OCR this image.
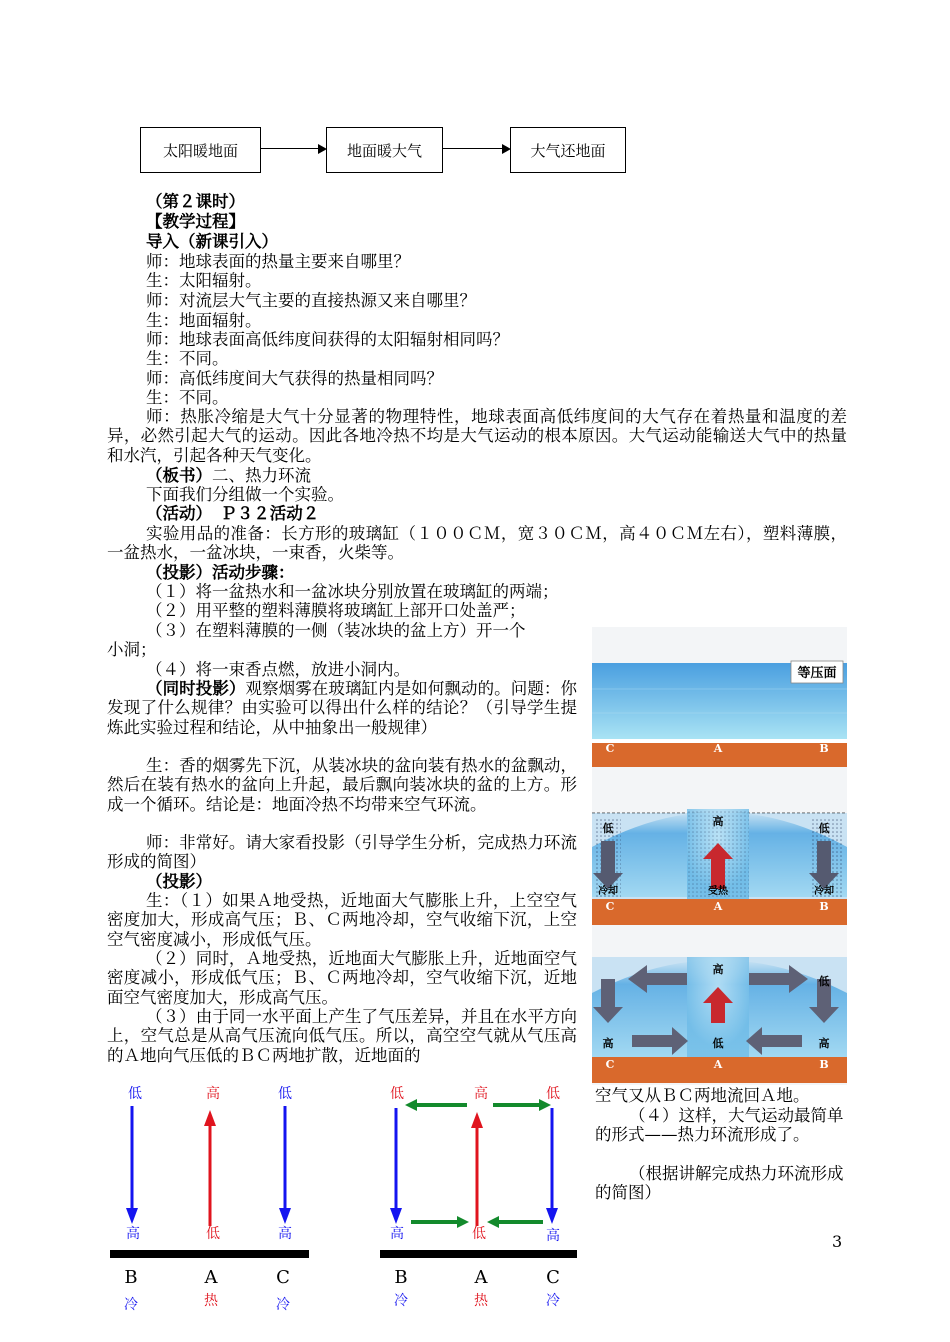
太阳暖地面	地面暖大气	大气还地面
（第２课时）
【教学过程】
导入（新课引入）
师：地球表面的热量主要来自哪里？
生：太阳辐射。
师：对流层大气主要的直接热源又来自哪里？
生：地面辐射。
师：地球表面高低纬度间获得的太阳辐射相同吗？
生：不同。
师：高低纬度间大气获得的热量相同吗？
生：不同。
师：热胀冷缩是大气十分显著的物理特性，地球表面高低纬度间的大气存在着热量和温度的差异，必然引起大气的运动。因此各地冷热不均是大气运动的根本原因。大气运动能输送大气中的热量和水汽，引起各种天气变化。
（板书）二、热力环流
下面我们分组做一个实验。
（活动）　Ｐ３２活动２
实验用品的准备：长方形的玻璃缸（１００ＣＭ，宽３０ＣＭ，高４０ＣＭ左右），塑料薄膜，一盆热水，一盆冰块，一束香，火柴等。
（投影）活动步骤：
（１）将一盆热水和一盆冰块分别放置在玻璃缸的两端；
（２）用平整的塑料薄膜将玻璃缸上部开口处盖严；
（３）在塑料薄膜的一侧（装冰块的盆上方）开一个
小洞；
（４）将一束香点燃，放进小洞内。
（同时投影）观察烟雾在玻璃缸内是如何飘动的。问题：你发现了什么规律？由实验可以得出什么样的结论？（引导学生提炼此实验过程和结论，从中抽象出一般规律）
生：香的烟雾先下沉，从装冰块的盆向装有热水的盆飘动，然后在装有热水的盆向上升起，最后飘向装冰块的盆的上方。形成一个循环。结论是：地面冷热不均带来空气环流。
师：非常好。请大家看投影（引导学生分析，完成热力环流形成的简图）
（投影）
生：（１）如果Ａ地受热，近地面大气膨胀上升，上空空气密度加大，形成高气压；Ｂ、Ｃ两地冷却，空气收缩下沉，上空空气密度减小，形成低气压。
（２）同时，Ａ地受热，近地面大气膨胀上升，近地面空气密度减小，形成低气压；Ｂ、Ｃ两地冷却，空气收缩下沉，近地面空气密度加大，形成高气压。
（３）由于同一水平面上产生了气压差异，并且在水平方向上，空气总是从高气压流向低气压。所以，高空空气就从气压高的Ａ地向气压低的ＢＣ两地扩散，近地面的
空气又从ＢＣ两地流回Ａ地。
（４）这样，大气运动最简单的形式——热力环流形成了。
（根据讲解完成热力环流形成的简图）
等压面
C	A	B
低
高
低
冷却	受热	冷却
C	A	B
高
低
高	低	高
C	A	B
低	高	低
高	低	高
B	A	C
冷	热	冷
低	高	低
高	低	高
B	A	C
冷	热	冷
3
